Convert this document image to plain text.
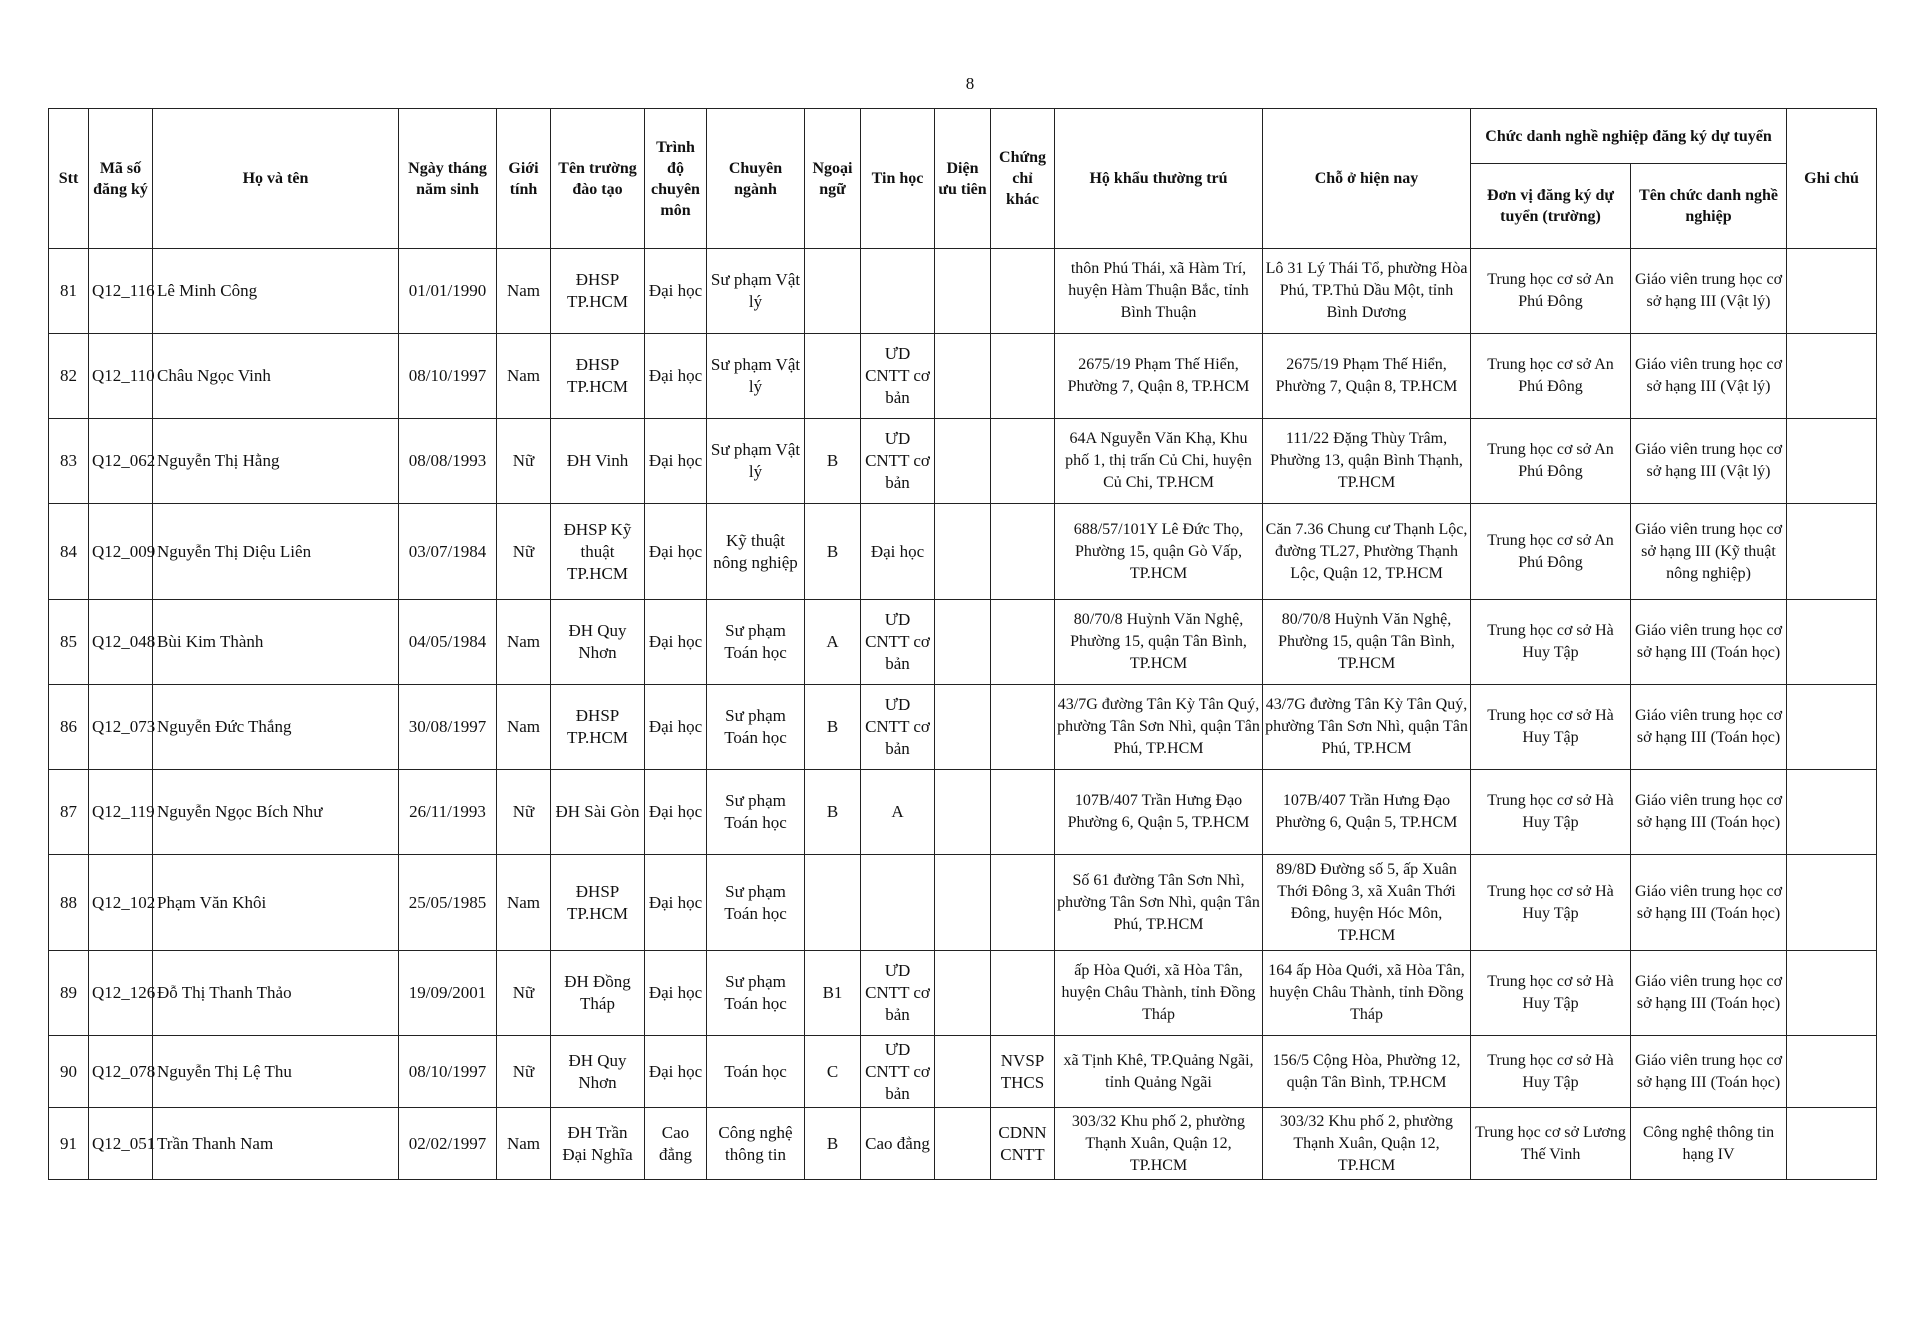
8
Stt	Mã số đăng ký	Họ và tên	Ngày tháng năm sinh	Giới tính	Tên trường đào tạo	Trình độ chuyên môn	Chuyên ngành	Ngoại ngữ	Tin học	Diện ưu tiên	Chứng chỉ khác	Hộ khẩu thường trú	Chỗ ở hiện nay	Chức danh nghề nghiệp đăng ký dự tuyển		Ghi chú
														Đơn vị đăng ký dự tuyển (trường)	Tên chức danh nghề nghiệp	
81	Q12_116	Lê Minh Công	01/01/1990	Nam	ĐHSP TP.HCM	Đại học	Sư phạm Vật lý					thôn Phú Thái, xã Hàm Trí, huyện Hàm Thuận Bắc, tỉnh Bình Thuận	Lô 31 Lý Thái Tổ, phường Hòa Phú, TP.Thủ Dầu Một, tỉnh Bình Dương	Trung học cơ sở An Phú Đông	Giáo viên trung học cơ sở hạng III (Vật lý)	
82	Q12_110	Châu Ngọc Vinh	08/10/1997	Nam	ĐHSP TP.HCM	Đại học	Sư phạm Vật lý		ƯD CNTT cơ bản			2675/19 Phạm Thế Hiển, Phường 7, Quận 8, TP.HCM	2675/19 Phạm Thế Hiển, Phường 7, Quận 8, TP.HCM	Trung học cơ sở An Phú Đông	Giáo viên trung học cơ sở hạng III (Vật lý)	
83	Q12_062	Nguyễn Thị Hằng	08/08/1993	Nữ	ĐH Vinh	Đại học	Sư phạm Vật lý	B	ƯD CNTT cơ bản			64A Nguyễn Văn Khạ, Khu phố 1, thị trấn Củ Chi, huyện Củ Chi, TP.HCM	111/22 Đặng Thùy Trâm, Phường 13, quận Bình Thạnh, TP.HCM	Trung học cơ sở An Phú Đông	Giáo viên trung học cơ sở hạng III (Vật lý)	
84	Q12_009	Nguyễn Thị Diệu Liên	03/07/1984	Nữ	ĐHSP Kỹ thuật TP.HCM	Đại học	Kỹ thuật nông nghiệp	B	Đại học			688/57/101Y Lê Đức Thọ, Phường 15, quận Gò Vấp, TP.HCM	Căn 7.36 Chung cư Thạnh Lộc, đường TL27, Phường Thạnh Lộc, Quận 12, TP.HCM	Trung học cơ sở An Phú Đông	Giáo viên trung học cơ sở hạng III (Kỹ thuật nông nghiệp)	
85	Q12_048	Bùi Kim Thành	04/05/1984	Nam	ĐH Quy Nhơn	Đại học	Sư phạm Toán học	A	ƯD CNTT cơ bản			80/70/8 Huỳnh Văn Nghệ, Phường 15, quận Tân Bình, TP.HCM	80/70/8 Huỳnh Văn Nghệ, Phường 15, quận Tân Bình, TP.HCM	Trung học cơ sở Hà Huy Tập	Giáo viên trung học cơ sở hạng III (Toán học)	
86	Q12_073	Nguyễn Đức Thắng	30/08/1997	Nam	ĐHSP TP.HCM	Đại học	Sư phạm Toán học	B	ƯD CNTT cơ bản			43/7G đường Tân Kỳ Tân Quý, phường Tân Sơn Nhì, quận Tân Phú, TP.HCM	43/7G đường Tân Kỳ Tân Quý, phường Tân Sơn Nhì, quận Tân Phú, TP.HCM	Trung học cơ sở Hà Huy Tập	Giáo viên trung học cơ sở hạng III (Toán học)	
87	Q12_119	Nguyễn Ngọc Bích Như	26/11/1993	Nữ	ĐH Sài Gòn	Đại học	Sư phạm Toán học	B	A			107B/407 Trần Hưng Đạo Phường 6, Quận 5, TP.HCM	107B/407 Trần Hưng Đạo Phường 6, Quận 5, TP.HCM	Trung học cơ sở Hà Huy Tập	Giáo viên trung học cơ sở hạng III (Toán học)	
88	Q12_102	Phạm Văn Khôi	25/05/1985	Nam	ĐHSP TP.HCM	Đại học	Sư phạm Toán học					Số 61 đường Tân Sơn Nhì, phường Tân Sơn Nhì, quận Tân Phú, TP.HCM	89/8D Đường số 5, ấp Xuân Thới Đông 3, xã Xuân Thới Đông, huyện Hóc Môn, TP.HCM	Trung học cơ sở Hà Huy Tập	Giáo viên trung học cơ sở hạng III (Toán học)	
89	Q12_126	Đỗ Thị Thanh Thảo	19/09/2001	Nữ	ĐH Đồng Tháp	Đại học	Sư phạm Toán học	B1	ƯD CNTT cơ bản			ấp Hòa Quới, xã Hòa Tân, huyện Châu Thành, tỉnh Đồng Tháp	164 ấp Hòa Quới, xã Hòa Tân, huyện Châu Thành, tỉnh Đồng Tháp	Trung học cơ sở Hà Huy Tập	Giáo viên trung học cơ sở hạng III (Toán học)	
90	Q12_078	Nguyễn Thị Lệ Thu	08/10/1997	Nữ	ĐH Quy Nhơn	Đại học	Toán học	C	ƯD CNTT cơ bản		NVSP THCS	xã Tịnh Khê, TP.Quảng Ngãi, tỉnh Quảng Ngãi	156/5 Cộng Hòa, Phường 12, quận Tân Bình, TP.HCM	Trung học cơ sở Hà Huy Tập	Giáo viên trung học cơ sở hạng III (Toán học)	
91	Q12_051	Trần Thanh Nam	02/02/1997	Nam	ĐH Trần Đại Nghĩa	Cao đẳng	Công nghệ thông tin	B	Cao đẳng		CDNN CNTT	303/32 Khu phố 2, phường Thạnh Xuân, Quận 12, TP.HCM	303/32 Khu phố 2, phường Thạnh Xuân, Quận 12, TP.HCM	Trung học cơ sở Lương Thế Vinh	Công nghệ thông tin hạng IV	
